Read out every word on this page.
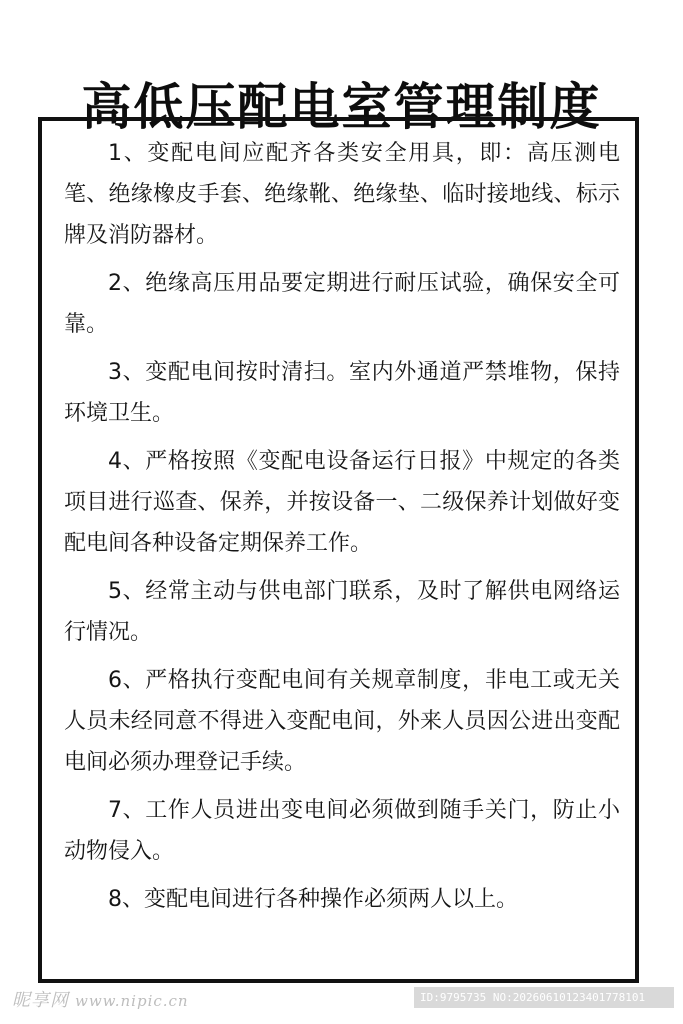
高低压配电室管理制度
1、变配电间应配齐各类安全用具，即：高压测电笔、绝缘橡皮手套、绝缘靴、绝缘垫、临时接地线、标示牌及消防器材。
2、绝缘高压用品要定期进行耐压试验，确保安全可靠。
3、变配电间按时清扫。室内外通道严禁堆物，保持环境卫生。
4、严格按照《变配电设备运行日报》中规定的各类项目进行巡查、保养，并按设备一、二级保养计划做好变配电间各种设备定期保养工作。
5、经常主动与供电部门联系，及时了解供电网络运行情况。
6、严格执行变配电间有关规章制度，非电工或无关人员未经同意不得进入变配电间，外来人员因公进出变配电间必须办理登记手续。
7、工作人员进出变电间必须做到随手关门，防止小动物侵入。
8、变配电间进行各种操作必须两人以上。
昵享网 www.nipic.cn	ID:9795735 NO:20260610123401778101
